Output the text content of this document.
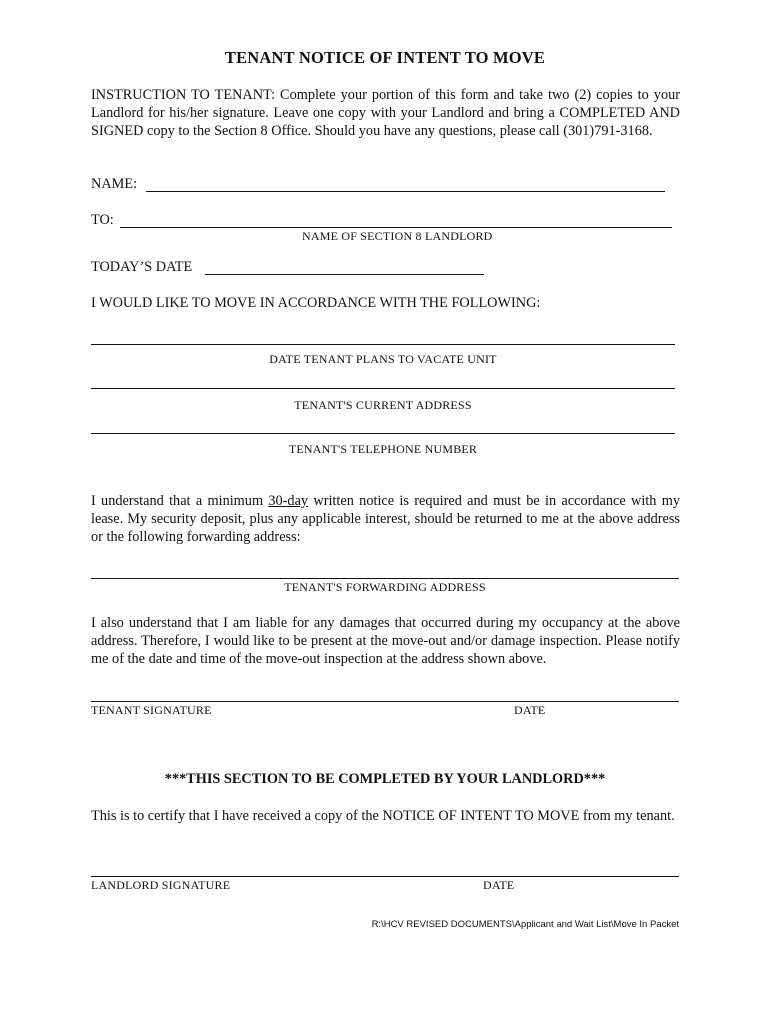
TENANT NOTICE OF INTENT TO MOVE
INSTRUCTION TO TENANT: Complete your portion of this form and take two (2) copies to your Landlord for his/her signature. Leave one copy with your Landlord and bring a COMPLETED AND SIGNED copy to the Section 8 Office. Should you have any questions, please call (301)791-3168.
NAME:
TO:
NAME OF SECTION 8 LANDLORD
TODAY’S DATE
I WOULD LIKE TO MOVE IN ACCORDANCE WITH THE FOLLOWING:
DATE TENANT PLANS TO VACATE UNIT
TENANT'S CURRENT ADDRESS
TENANT'S TELEPHONE NUMBER
I understand that a minimum 30-day written notice is required and must be in accordance with my lease. My security deposit, plus any applicable interest, should be returned to me at the above address or the following forwarding address:
TENANT'S FORWARDING ADDRESS
I also understand that I am liable for any damages that occurred during my occupancy at the above address. Therefore, I would like to be present at the move-out and/or damage inspection. Please notify me of the date and time of the move-out inspection at the address shown above.
TENANT SIGNATURE	DATE
***THIS SECTION TO BE COMPLETED BY YOUR LANDLORD***
This is to certify that I have received a copy of the NOTICE OF INTENT TO MOVE from my tenant.
LANDLORD SIGNATURE	DATE
R:\HCV REVISED DOCUMENTS\Applicant and Wait List\Move In Packet
